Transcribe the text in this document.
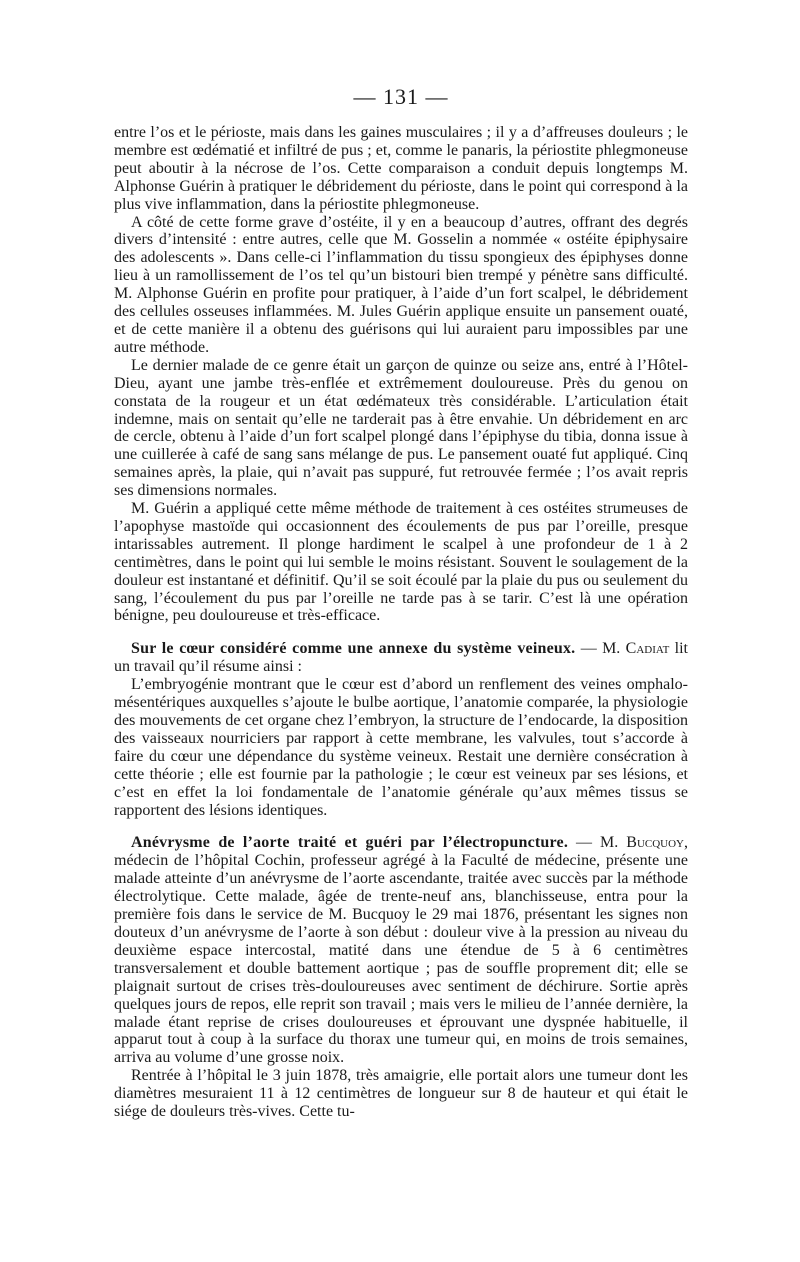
— 131 —

entre l’os et le périoste, mais dans les gaines musculaires ; il y a d’affreuses douleurs ; le membre est œdématié et infiltré de pus ; et, comme le panaris, la périostite phlegmoneuse peut aboutir à la nécrose de l’os. Cette comparaison a conduit depuis longtemps M. Alphonse Guérin à pratiquer le débridement du périoste, dans le point qui correspond à la plus vive inflammation, dans la périostite phlegmoneuse.

A côté de cette forme grave d’ostéite, il y en a beaucoup d’autres, offrant des degrés divers d’intensité : entre autres, celle que M. Gosselin a nommée « ostéite épiphysaire des adolescents ». Dans celle-ci l’inflammation du tissu spongieux des épiphyses donne lieu à un ramollissement de l’os tel qu’un bistouri bien trempé y pénètre sans difficulté. M. Alphonse Guérin en profite pour pratiquer, à l’aide d’un fort scalpel, le débridement des cellules osseuses inflammées. M. Jules Guérin applique ensuite un pansement ouaté, et de cette manière il a obtenu des guérisons qui lui auraient paru impossibles par une autre méthode.

Le dernier malade de ce genre était un garçon de quinze ou seize ans, entré à l’Hôtel-Dieu, ayant une jambe très-enflée et extrêmement douloureuse. Près du genou on constata de la rougeur et un état œdémateux très considérable. L’articulation était indemne, mais on sentait qu’elle ne tarderait pas à être envahie. Un débridement en arc de cercle, obtenu à l’aide d’un fort scalpel plongé dans l’épiphyse du tibia, donna issue à une cuillerée à café de sang sans mélange de pus. Le pansement ouaté fut appliqué. Cinq semaines après, la plaie, qui n’avait pas suppuré, fut retrouvée fermée ; l’os avait repris ses dimensions normales.

M. Guérin a appliqué cette même méthode de traitement à ces ostéites strumeuses de l’apophyse mastoïde qui occasionnent des écoulements de pus par l’oreille, presque intarissables autrement. Il plonge hardiment le scalpel à une profondeur de 1 à 2 centimètres, dans le point qui lui semble le moins résistant. Souvent le soulagement de la douleur est instantané et définitif. Qu’il se soit écoulé par la plaie du pus ou seulement du sang, l’écoulement du pus par l’oreille ne tarde pas à se tarir. C’est là une opération bénigne, peu douloureuse et très-efficace.

Sur le cœur considéré comme une annexe du système veineux. — M. Cadiat lit un travail qu’il résume ainsi :

L’embryogénie montrant que le cœur est d’abord un renflement des veines omphalo-mésentériques auxquelles s’ajoute le bulbe aortique, l’anatomie comparée, la physiologie des mouvements de cet organe chez l’embryon, la structure de l’endocarde, la disposition des vaisseaux nourriciers par rapport à cette membrane, les valvules, tout s’accorde à faire du cœur une dépendance du système veineux. Restait une dernière consécration à cette théorie ; elle est fournie par la pathologie ; le cœur est veineux par ses lésions, et c’est en effet la loi fondamentale de l’anatomie générale qu’aux mêmes tissus se rapportent des lésions identiques.

Anévrysme de l’aorte traité et guéri par l’électropuncture. — M. Bucquoy, médecin de l’hôpital Cochin, professeur agrégé à la Faculté de médecine, présente une malade atteinte d’un anévrysme de l’aorte ascendante, traitée avec succès par la méthode électrolytique. Cette malade, âgée de trente-neuf ans, blanchisseuse, entra pour la première fois dans le service de M. Bucquoy le 29 mai 1876, présentant les signes non douteux d’un anévrysme de l’aorte à son début : douleur vive à la pression au niveau du deuxième espace intercostal, matité dans une étendue de 5 à 6 centimètres transversalement et double battement aortique ; pas de souffle proprement dit; elle se plaignait surtout de crises très-douloureuses avec sentiment de déchirure. Sortie après quelques jours de repos, elle reprit son travail ; mais vers le milieu de l’année dernière, la malade étant reprise de crises douloureuses et éprouvant une dyspnée habituelle, il apparut tout à coup à la surface du thorax une tumeur qui, en moins de trois semaines, arriva au volume d’une grosse noix.

Rentrée à l’hôpital le 3 juin 1878, très amaigrie, elle portait alors une tumeur dont les diamètres mesuraient 11 à 12 centimètres de longueur sur 8 de hauteur et qui était le siége de douleurs très-vives. Cette tu-
